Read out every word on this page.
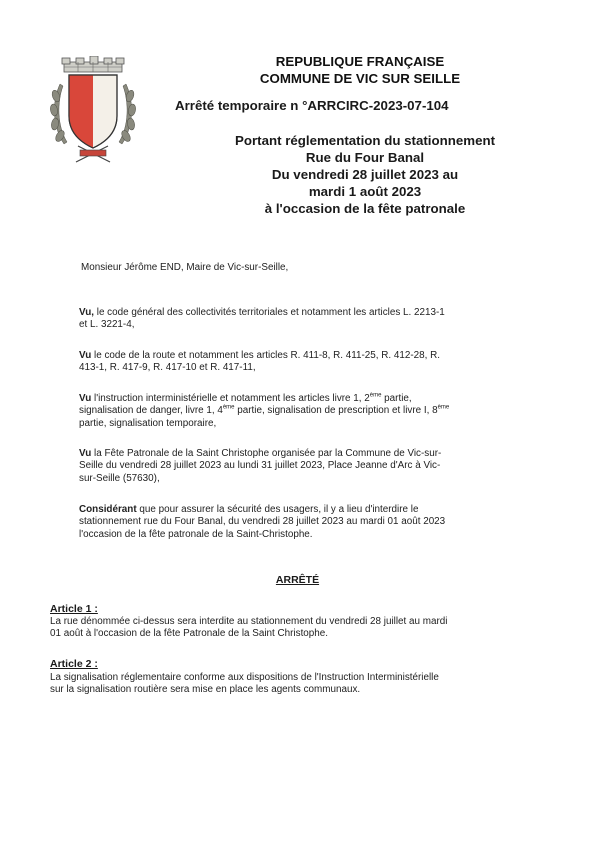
REPUBLIQUE FRANÇAISE
COMMUNE DE VIC SUR SEILLE
Arrêté temporaire n °ARRCIRC-2023-07-104
Portant réglementation du stationnement
Rue du Four Banal
Du vendredi 28 juillet 2023 au
mardi 1 août 2023
à l'occasion de la fête patronale
Monsieur Jérôme END, Maire de Vic-sur-Seille,
Vu, le code général des collectivités territoriales et notamment les articles L. 2213-1
et L. 3221-4,
Vu le code de la route et notamment les articles R. 411-8, R. 411-25, R. 412-28, R.
413-1, R. 417-9, R. 417-10 et R. 417-11,
Vu l'instruction interministérielle et notamment les articles livre 1, 2ème partie,
signalisation de danger, livre 1, 4ème partie, signalisation de prescription et livre I, 8ème
partie, signalisation temporaire,
Vu la Fête Patronale de la Saint Christophe organisée par la Commune de Vic-sur-
Seille du vendredi 28 juillet 2023 au lundi 31 juillet 2023, Place Jeanne d'Arc à Vic-
sur-Seille (57630),
Considérant que pour assurer la sécurité des usagers, il y a lieu d'interdire le
stationnement rue du Four Banal, du vendredi 28 juillet 2023 au mardi 01 août 2023
l'occasion de la fête patronale de la Saint-Christophe.
ARRÊTÉ
Article 1 :
La rue dénommée ci-dessus sera interdite au stationnement du vendredi 28 juillet au mardi
01 août à l'occasion de la fête Patronale de la Saint Christophe.
Article 2 :
La signalisation réglementaire conforme aux dispositions de l'Instruction Interministérielle
sur la signalisation routière sera mise en place les agents communaux.
